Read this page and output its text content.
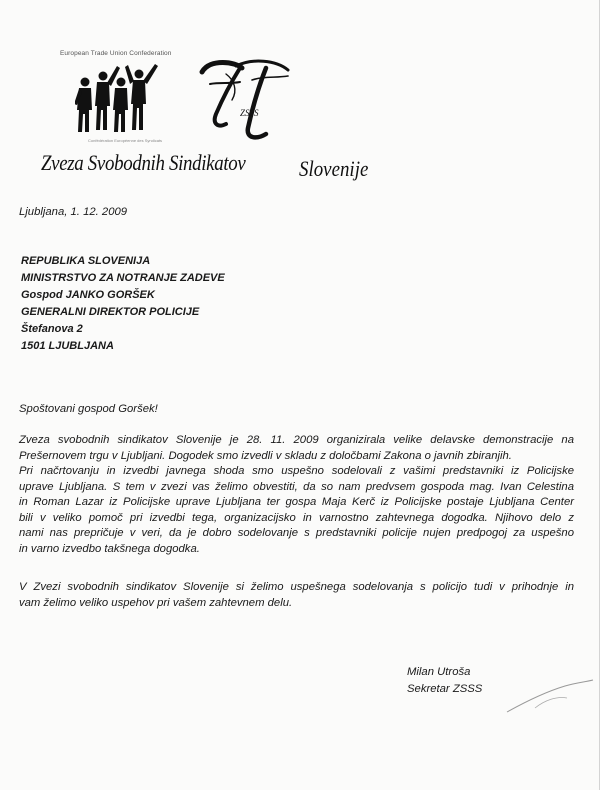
European Trade Union Confederation
Confédération Européenne des Syndicats
ZSSS
Zveza Svobodnih Sindikatov Slovenije
Ljubljana, 1. 12. 2009
REPUBLIKA SLOVENIJA
MINISTRSTVO ZA NOTRANJE ZADEVE
Gospod JANKO GORŠEK
GENERALNI DIREKTOR POLICIJE
Štefanova 2
1501 LJUBLJANA
Spoštovani gospod Goršek!
Zveza svobodnih sindikatov Slovenije je 28. 11. 2009 organizirala velike delavske demonstracije na
Prešernovem trgu v Ljubljani. Dogodek smo izvedli v skladu z določbami Zakona o javnih zbiranjih.
Pri načrtovanju in izvedbi javnega shoda smo uspešno sodelovali z vašimi predstavniki iz Policijske
uprave Ljubljana. S tem v zvezi vas želimo obvestiti, da so nam predvsem gospoda mag. Ivan Celestina
in Roman Lazar iz Policijske uprave Ljubljana ter gospa Maja Kerč iz Policijske postaje Ljubljana Center
bili v veliko pomoč pri izvedbi tega, organizacijsko in varnostno zahtevnega dogodka. Njihovo delo z
nami nas prepričuje v veri, da je dobro sodelovanje s predstavniki policije nujen predpogoj za uspešno
in varno izvedbo takšnega dogodka.
V Zvezi svobodnih sindikatov Slovenije si želimo uspešnega sodelovanja s policijo tudi v prihodnje in
vam želimo veliko uspehov pri vašem zahtevnem delu.
Milan Utroša
Sekretar ZSSS
